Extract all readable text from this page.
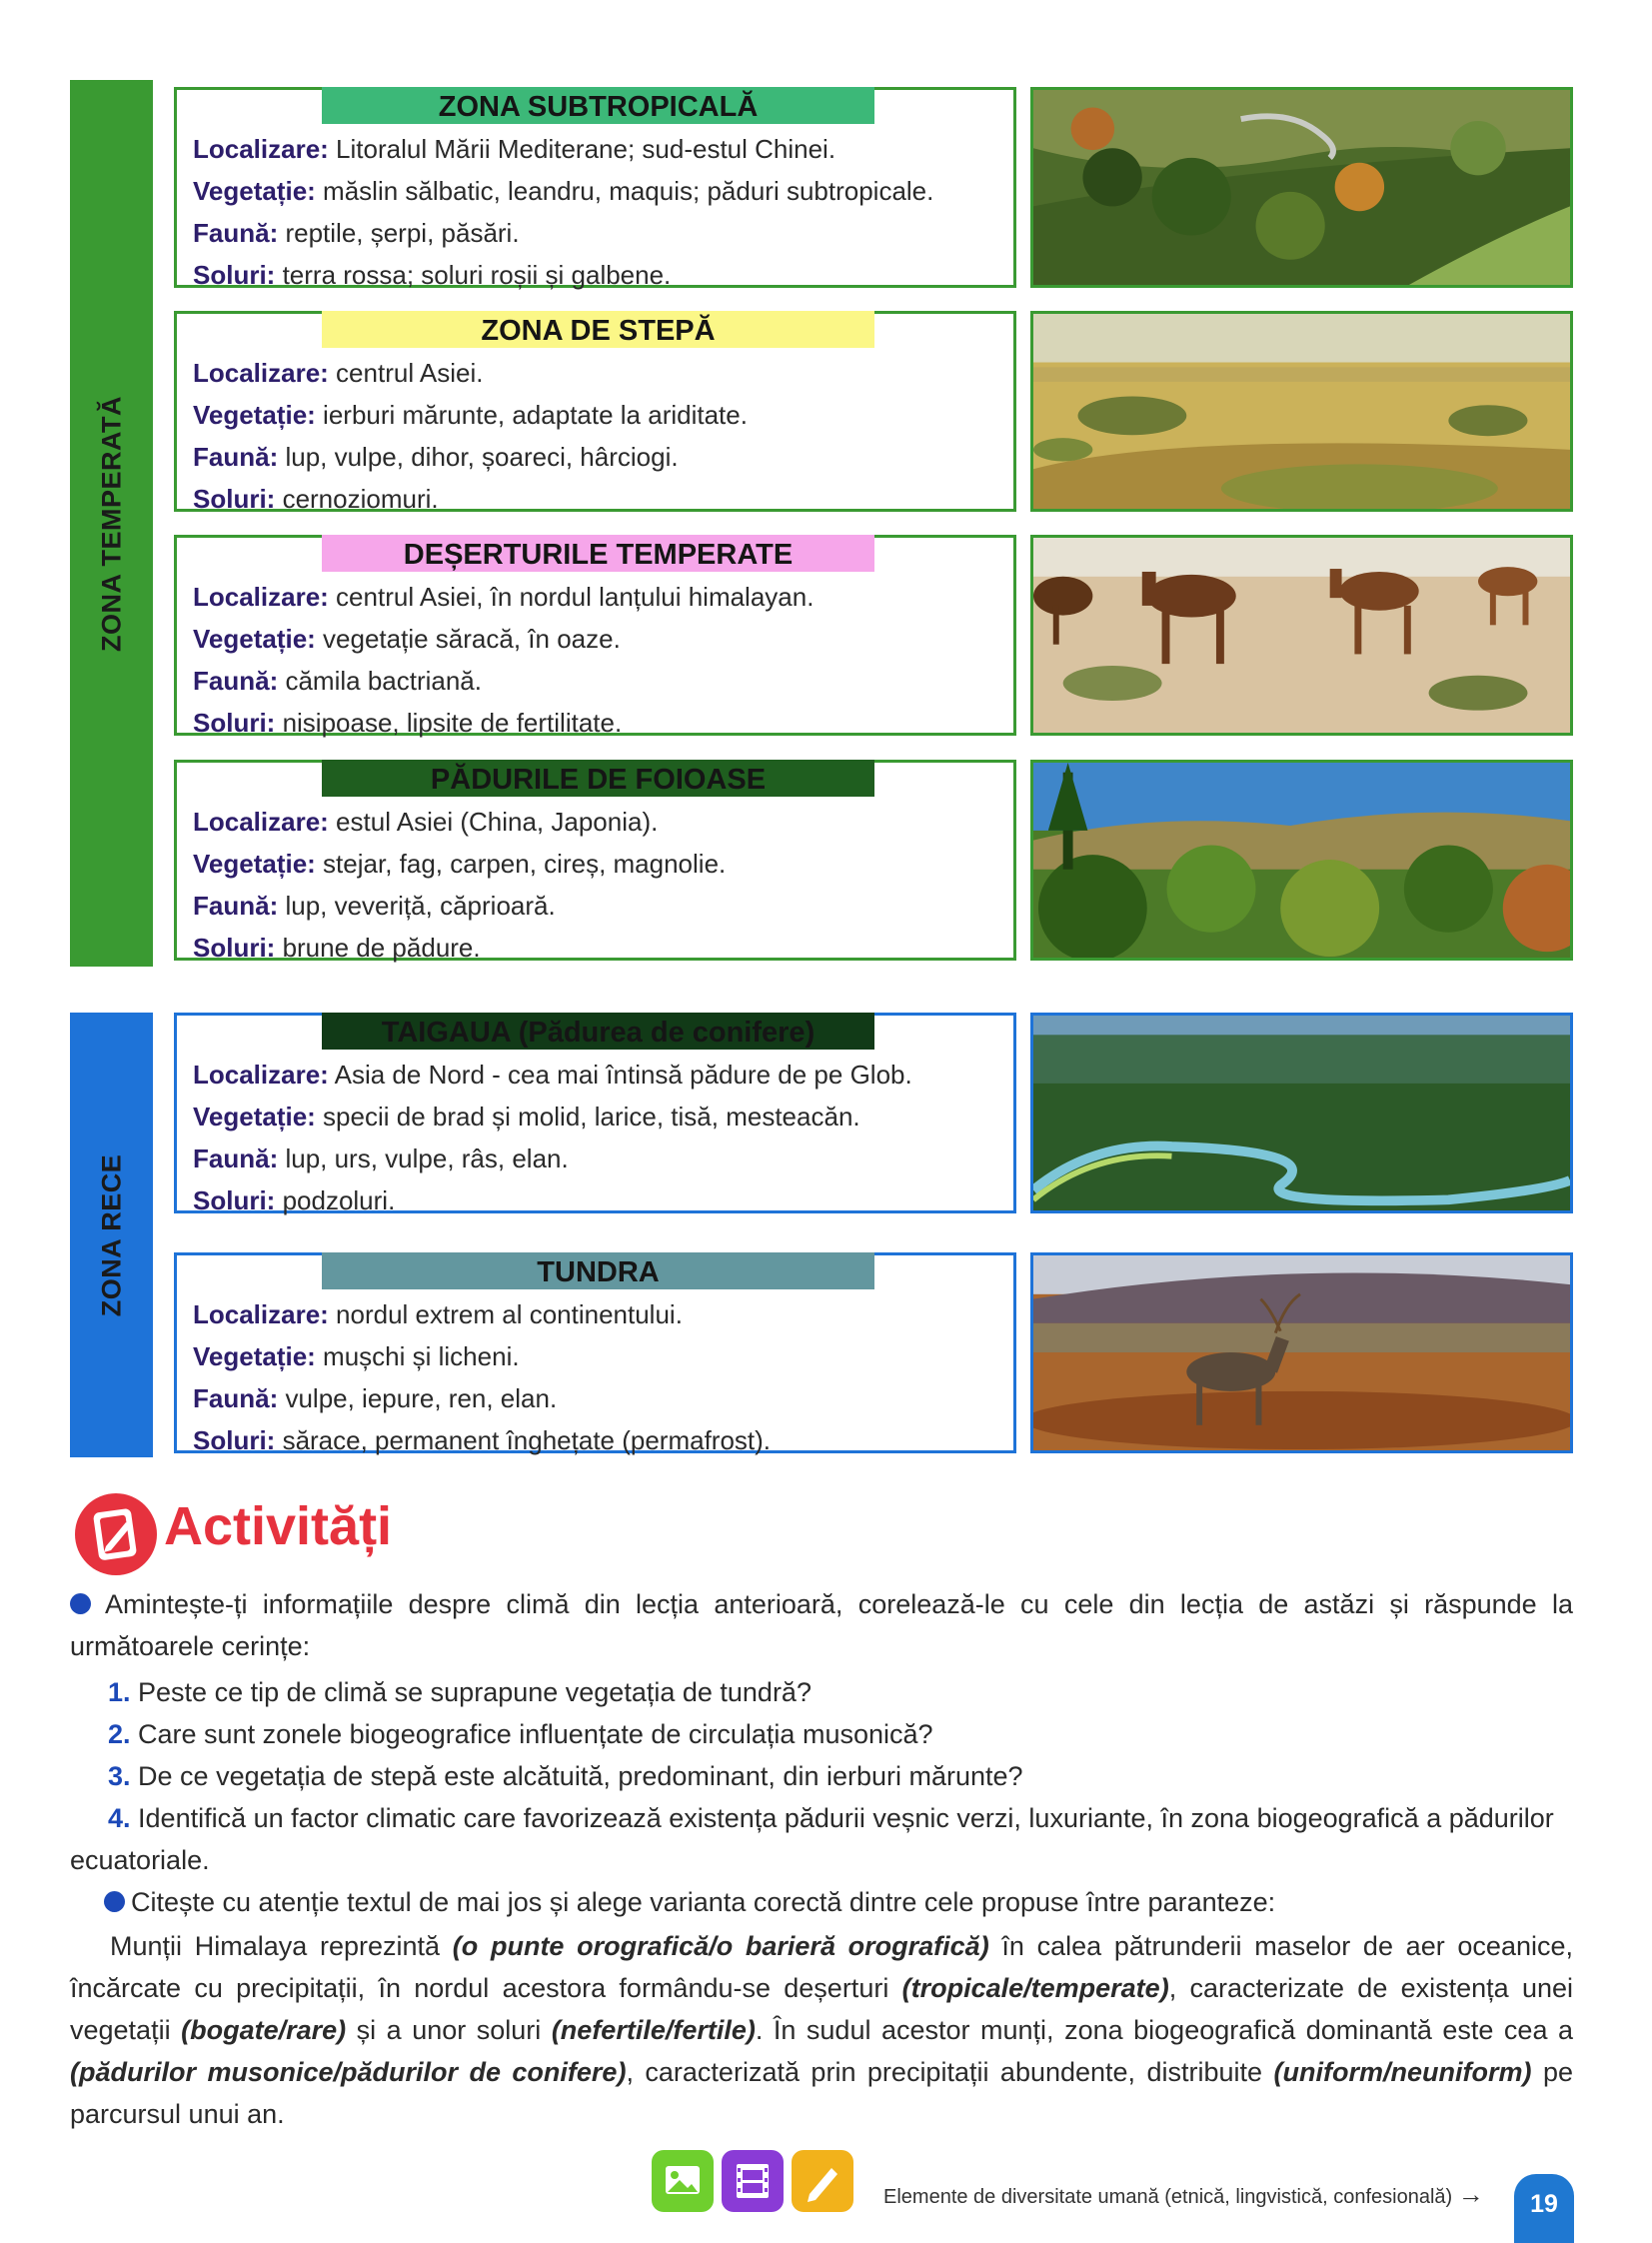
ZONA TEMPERATĂ
ZONA RECE
ZONA SUBTROPICALĂ
Localizare: Litoralul Mării Mediterane; sud-estul Chinei.
Vegetație: măslin sălbatic, leandru, maquis; păduri subtropicale.
Faună: reptile, șerpi, păsări.
Soluri: terra rossa; soluri roșii și galbene.
ZONA DE STEPĂ
Localizare: centrul Asiei.
Vegetație: ierburi mărunte, adaptate la ariditate.
Faună: lup, vulpe, dihor, șoareci, hârciogi.
Soluri: cernoziomuri.
DEȘERTURILE TEMPERATE
Localizare: centrul Asiei, în nordul lanțului himalayan.
Vegetație: vegetație săracă, în oaze.
Faună: cămila bactriană.
Soluri: nisipoase, lipsite de fertilitate.
PĂDURILE DE FOIOASE
Localizare: estul Asiei (China, Japonia).
Vegetație: stejar, fag, carpen, cireș, magnolie.
Faună: lup, veveriță, căprioară.
Soluri: brune de pădure.
TAIGAUA (Pădurea de conifere)
Localizare: Asia de Nord - cea mai întinsă pădure de pe Glob.
Vegetație: specii de brad și molid, larice, tisă, mesteacăn.
Faună: lup, urs, vulpe, râs, elan.
Soluri: podzoluri.
TUNDRA
Localizare: nordul extrem al continentului.
Vegetație: mușchi și licheni.
Faună: vulpe, iepure, ren, elan.
Soluri: sărace, permanent înghețate (permafrost).
Activități
Amintește-ți informațiile despre climă din lecția anterioară, corelează-le cu cele din lecția de astăzi și răspunde la următoarele cerințe:
1. Peste ce tip de climă se suprapune vegetația de tundră?
2. Care sunt zonele biogeografice influențate de circulația musonică?
3. De ce vegetația de stepă este alcătuită, predominant, din ierburi mărunte?
4. Identifică un factor climatic care favorizează existența pădurii veșnic verzi, luxuriante, în zona biogeografică a pădurilor
ecuatoriale.
Citește cu atenție textul de mai jos și alege varianta corectă dintre cele propuse între paranteze:
Munții Himalaya reprezintă (o punte orografică/o barieră orografică) în calea pătrunderii maselor de aer oceanice, încărcate cu precipitații, în nordul acestora formându-se deșerturi (tropicale/temperate), caracterizate de existența unei vegetații (bogate/rare) și a unor soluri (nefertile/fertile). În sudul acestor munți, zona biogeografică dominantă este cea a (pădurilor musonice/pădurilor de conifere), caracterizată prin precipitații abundente, distribuite (uniform/neuniform) pe parcursul unui an.
Elemente de diversitate umană (etnică, lingvistică, confesională) →	19
